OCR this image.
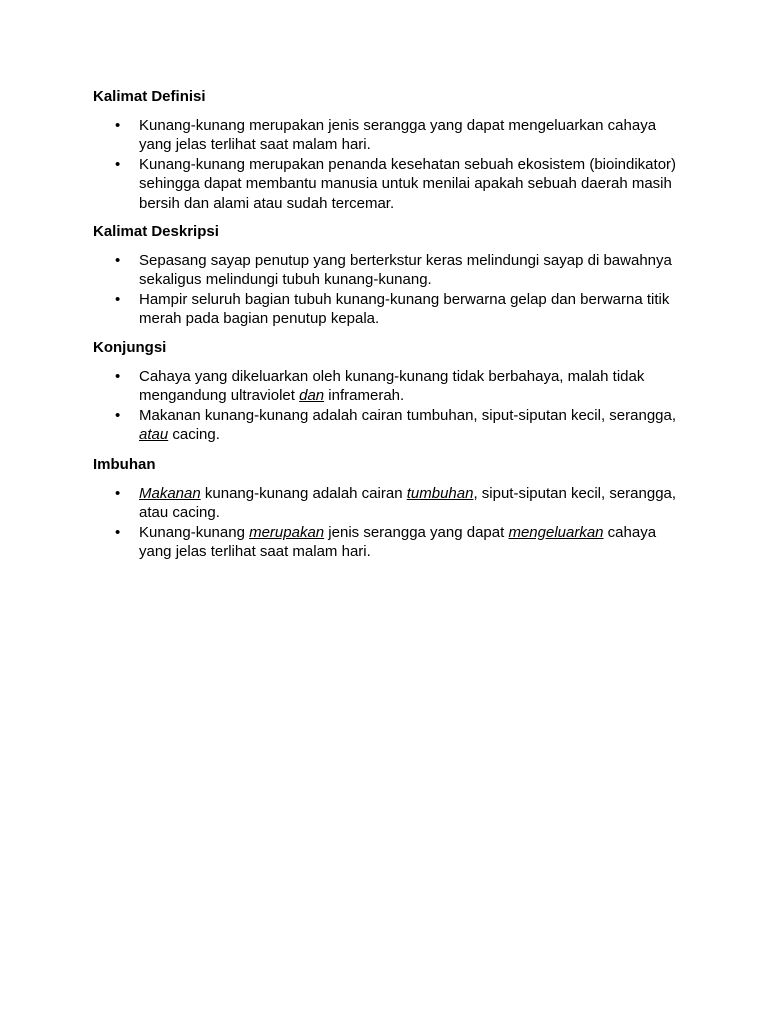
Kalimat Definisi

• Kunang-kunang merupakan jenis serangga yang dapat mengeluarkan cahaya yang jelas terlihat saat malam hari.
• Kunang-kunang merupakan penanda kesehatan sebuah ekosistem (bioindikator) sehingga dapat membantu manusia untuk menilai apakah sebuah daerah masih bersih dan alami atau sudah tercemar.

Kalimat Deskripsi

• Sepasang sayap penutup yang berterkstur keras melindungi sayap di bawahnya sekaligus melindungi tubuh kunang-kunang.
• Hampir seluruh bagian tubuh kunang-kunang berwarna gelap dan berwarna titik merah pada bagian penutup kepala.

Konjungsi

• Cahaya yang dikeluarkan oleh kunang-kunang tidak berbahaya, malah tidak mengandung ultraviolet dan inframerah.
• Makanan kunang-kunang adalah cairan tumbuhan, siput-siputan kecil, serangga, atau cacing.

Imbuhan

• Makanan kunang-kunang adalah cairan tumbuhan, siput-siputan kecil, serangga, atau cacing.
• Kunang-kunang merupakan jenis serangga yang dapat mengeluarkan cahaya yang jelas terlihat saat malam hari.
